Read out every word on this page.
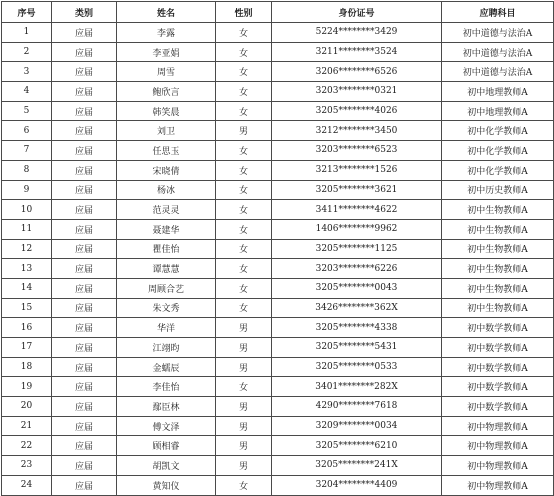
序号	类别	姓名	性别	身份证号	应聘科目
1	应届	李露	女	5224********3429	初中道德与法治A
2	应届	李亚娟	女	3211********3524	初中道德与法治A
3	应届	周雪	女	3206********6526	初中道德与法治A
4	应届	鲍欣言	女	3203********0321	初中地理教师A
5	应届	韩笑晨	女	3205********4026	初中地理教师A
6	应届	刘卫	男	3212********3450	初中化学教师A
7	应届	任思玉	女	3203********6523	初中化学教师A
8	应届	宋晓倩	女	3213********1526	初中化学教师A
9	应届	杨冰	女	3205********3621	初中历史教师A
10	应届	范灵灵	女	3411********4622	初中生物教师A
11	应届	聂建华	女	1406********9962	初中生物教师A
12	应届	瞿佳怡	女	3205********1125	初中生物教师A
13	应届	谭慧慧	女	3203********6226	初中生物教师A
14	应届	周顾合艺	女	3205********0043	初中生物教师A
15	应届	朱文秀	女	3426********362X	初中生物教师A
16	应届	华洋	男	3205********4338	初中数学教师A
17	应届	江翊昀	男	3205********5431	初中数学教师A
18	应届	金蠕辰	男	3205********0533	初中数学教师A
19	应届	李佳怡	女	3401********282X	初中数学教师A
20	应届	鄢臣林	男	4290********7618	初中数学教师A
21	应届	傅文泽	男	3209********0034	初中物理教师A
22	应届	顾相睿	男	3205********6210	初中物理教师A
23	应届	胡凯文	男	3205********241X	初中物理教师A
24	应届	黄知仪	女	3204********4409	初中物理教师A
